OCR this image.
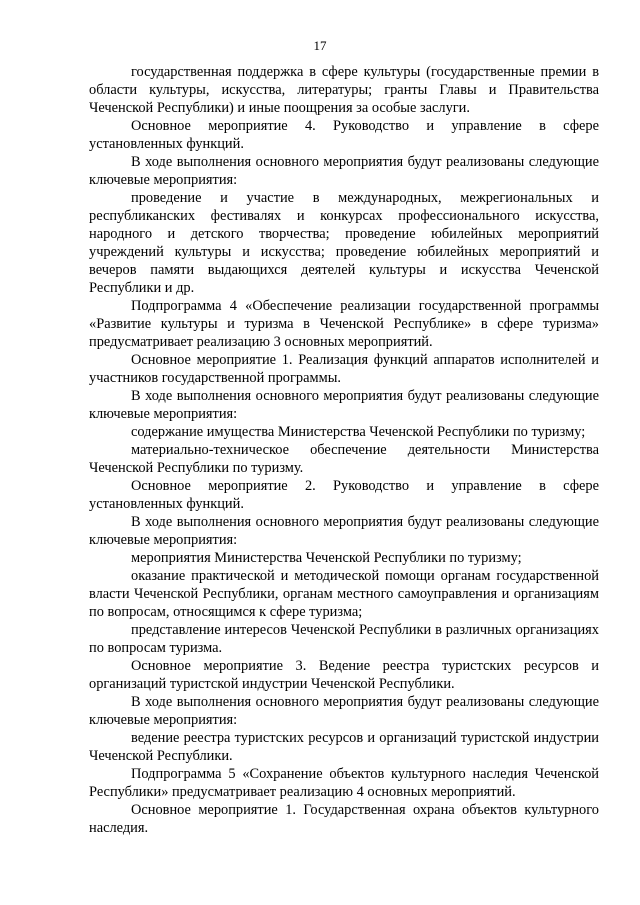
17

государственная поддержка в сфере культуры (государственные премии в области культуры, искусства, литературы; гранты Главы и Правительства Чеченской Республики) и иные поощрения за особые заслуги.

Основное мероприятие 4. Руководство и управление в сфере установленных функций.

В ходе выполнения основного мероприятия будут реализованы следующие ключевые мероприятия:

проведение и участие в международных, межрегиональных и республиканских фестивалях и конкурсах профессионального искусства, народного и детского творчества; проведение юбилейных мероприятий учреждений культуры и искусства; проведение юбилейных мероприятий и вечеров памяти выдающихся деятелей культуры и искусства Чеченской Республики и др.

Подпрограмма 4 «Обеспечение реализации государственной программы «Развитие культуры и туризма в Чеченской Республике» в сфере туризма» предусматривает реализацию 3 основных мероприятий.

Основное мероприятие 1. Реализация функций аппаратов исполнителей и участников государственной программы.

В ходе выполнения основного мероприятия будут реализованы следующие ключевые мероприятия:

содержание имущества Министерства Чеченской Республики по туризму;

материально-техническое обеспечение деятельности Министерства Чеченской Республики по туризму.

Основное мероприятие 2. Руководство и управление в сфере установленных функций.

В ходе выполнения основного мероприятия будут реализованы следующие ключевые мероприятия:

мероприятия Министерства Чеченской Республики по туризму;

оказание практической и методической помощи органам государственной власти Чеченской Республики, органам местного самоуправления и организациям по вопросам, относящимся к сфере туризма;

представление интересов Чеченской Республики в различных организациях по вопросам туризма.

Основное мероприятие 3. Ведение реестра туристских ресурсов и организаций туристской индустрии Чеченской Республики.

В ходе выполнения основного мероприятия будут реализованы следующие ключевые мероприятия:

ведение реестра туристских ресурсов и организаций туристской индустрии Чеченской Республики.

Подпрограмма 5 «Сохранение объектов культурного наследия Чеченской Республики» предусматривает реализацию 4 основных мероприятий.

Основное мероприятие 1. Государственная охрана объектов культурного наследия.
